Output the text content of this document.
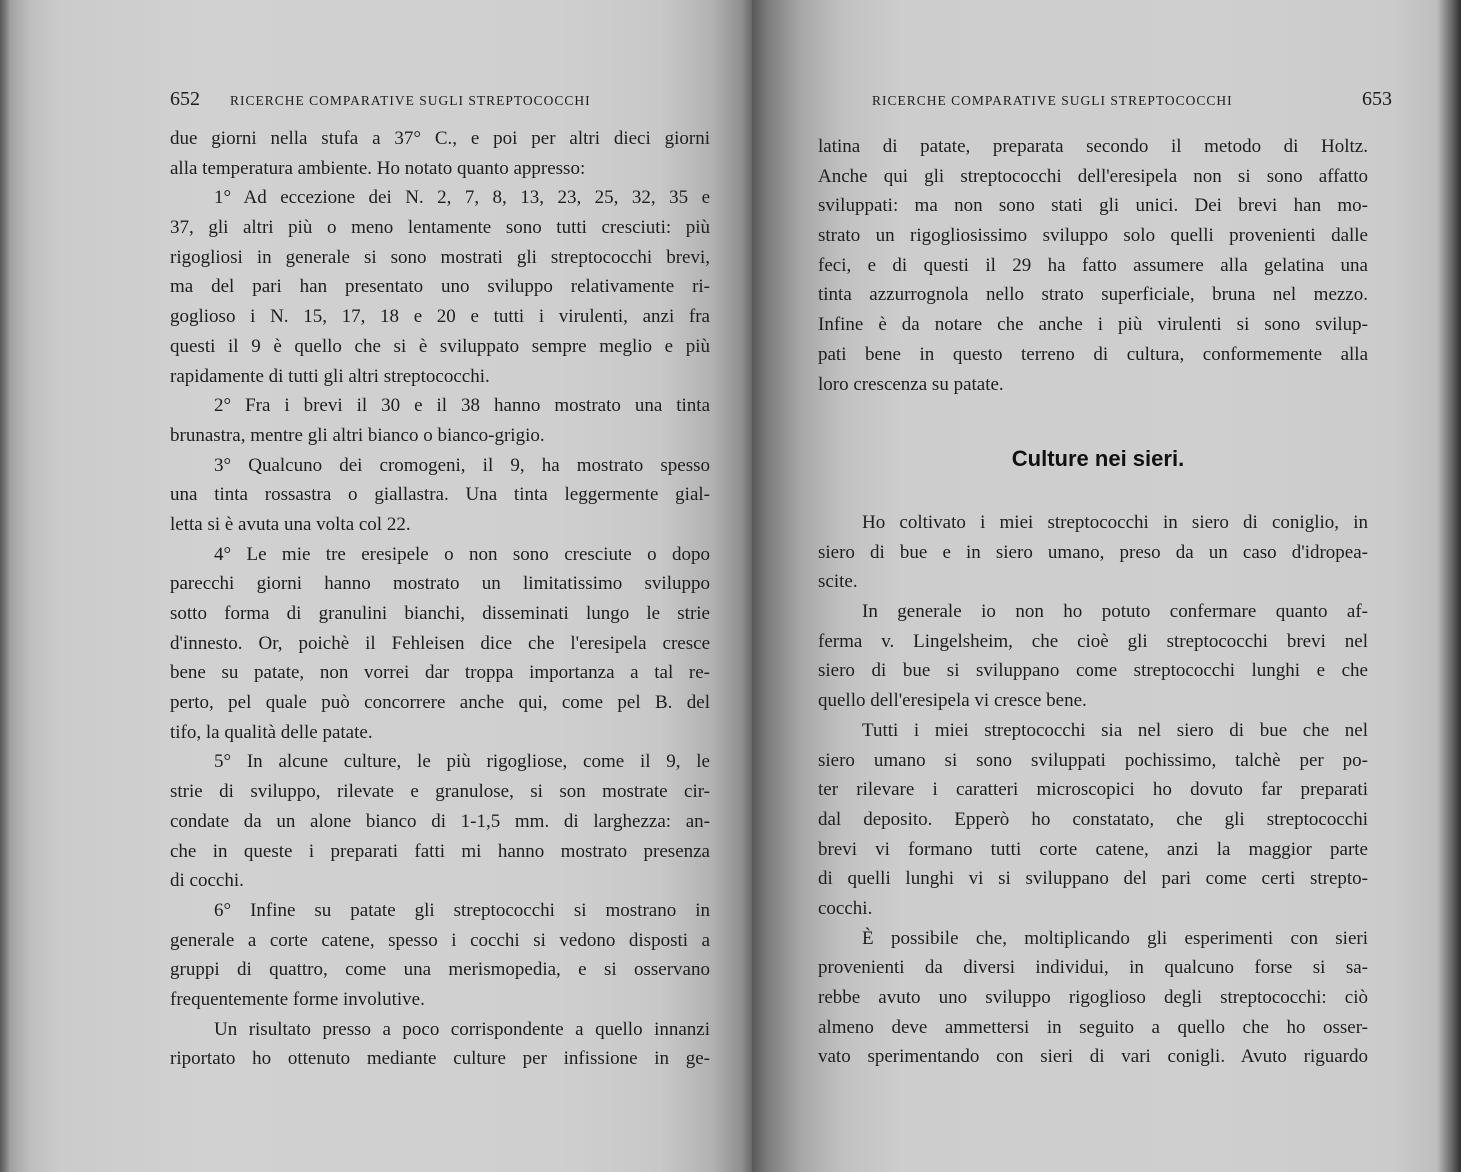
652 RICERCHE COMPARATIVE SUGLI STREPTOCOCCHI
due giorni nella stufa a 37° C., e poi per altri dieci giorni
alla temperatura ambiente. Ho notato quanto appresso:
1° Ad eccezione dei N. 2, 7, 8, 13, 23, 25, 32, 35 e
37, gli altri più o meno lentamente sono tutti cresciuti: più
rigogliosi in generale si sono mostrati gli streptococchi brevi,
ma del pari han presentato uno sviluppo relativamente ri-
goglioso i N. 15, 17, 18 e 20 e tutti i virulenti, anzi fra
questi il 9 è quello che si è sviluppato sempre meglio e più
rapidamente di tutti gli altri streptococchi.
2° Fra i brevi il 30 e il 38 hanno mostrato una tinta
brunastra, mentre gli altri bianco o bianco-grigio.
3° Qualcuno dei cromogeni, il 9, ha mostrato spesso
una tinta rossastra o giallastra. Una tinta leggermente gial-
letta si è avuta una volta col 22.
4° Le mie tre eresipele o non sono cresciute o dopo
parecchi giorni hanno mostrato un limitatissimo sviluppo
sotto forma di granulini bianchi, disseminati lungo le strie
d'innesto. Or, poichè il Fehleisen dice che l'eresipela cresce
bene su patate, non vorrei dar troppa importanza a tal re-
perto, pel quale può concorrere anche qui, come pel B. del
tifo, la qualità delle patate.
5° In alcune culture, le più rigogliose, come il 9, le
strie di sviluppo, rilevate e granulose, si son mostrate cir-
condate da un alone bianco di 1-1,5 mm. di larghezza: an-
che in queste i preparati fatti mi hanno mostrato presenza
di cocchi.
6° Infine su patate gli streptococchi si mostrano in
generale a corte catene, spesso i cocchi si vedono disposti a
gruppi di quattro, come una merismopedia, e si osservano
frequentemente forme involutive.
Un risultato presso a poco corrispondente a quello innanzi
riportato ho ottenuto mediante culture per infissione in ge-
RICERCHE COMPARATIVE SUGLI STREPTOCOCCHI	653
latina di patate, preparata secondo il metodo di Holtz.
Anche qui gli streptococchi dell'eresipela non si sono affatto
sviluppati: ma non sono stati gli unici. Dei brevi han mo-
strato un rigogliosissimo sviluppo solo quelli provenienti dalle
feci, e di questi il 29 ha fatto assumere alla gelatina una
tinta azzurrognola nello strato superficiale, bruna nel mezzo.
Infine è da notare che anche i più virulenti si sono svilup-
pati bene in questo terreno di cultura, conformemente alla
loro crescenza su patate.
Culture nei sieri.
Ho coltivato i miei streptococchi in siero di coniglio, in
siero di bue e in siero umano, preso da un caso d'idropea-
scite.
In generale io non ho potuto confermare quanto af-
ferma v. Lingelsheim, che cioè gli streptococchi brevi nel
siero di bue si sviluppano come streptococchi lunghi e che
quello dell'eresipela vi cresce bene.
Tutti i miei streptococchi sia nel siero di bue che nel
siero umano si sono sviluppati pochissimo, talchè per po-
ter rilevare i caratteri microscopici ho dovuto far preparati
dal deposito. Epperò ho constatato, che gli streptococchi
brevi vi formano tutti corte catene, anzi la maggior parte
di quelli lunghi vi si sviluppano del pari come certi strepto-
cocchi.
È possibile che, moltiplicando gli esperimenti con sieri
provenienti da diversi individui, in qualcuno forse si sa-
rebbe avuto uno sviluppo rigoglioso degli streptococchi: ciò
almeno deve ammettersi in seguito a quello che ho osser-
vato sperimentando con sieri di vari conigli. Avuto riguardo
